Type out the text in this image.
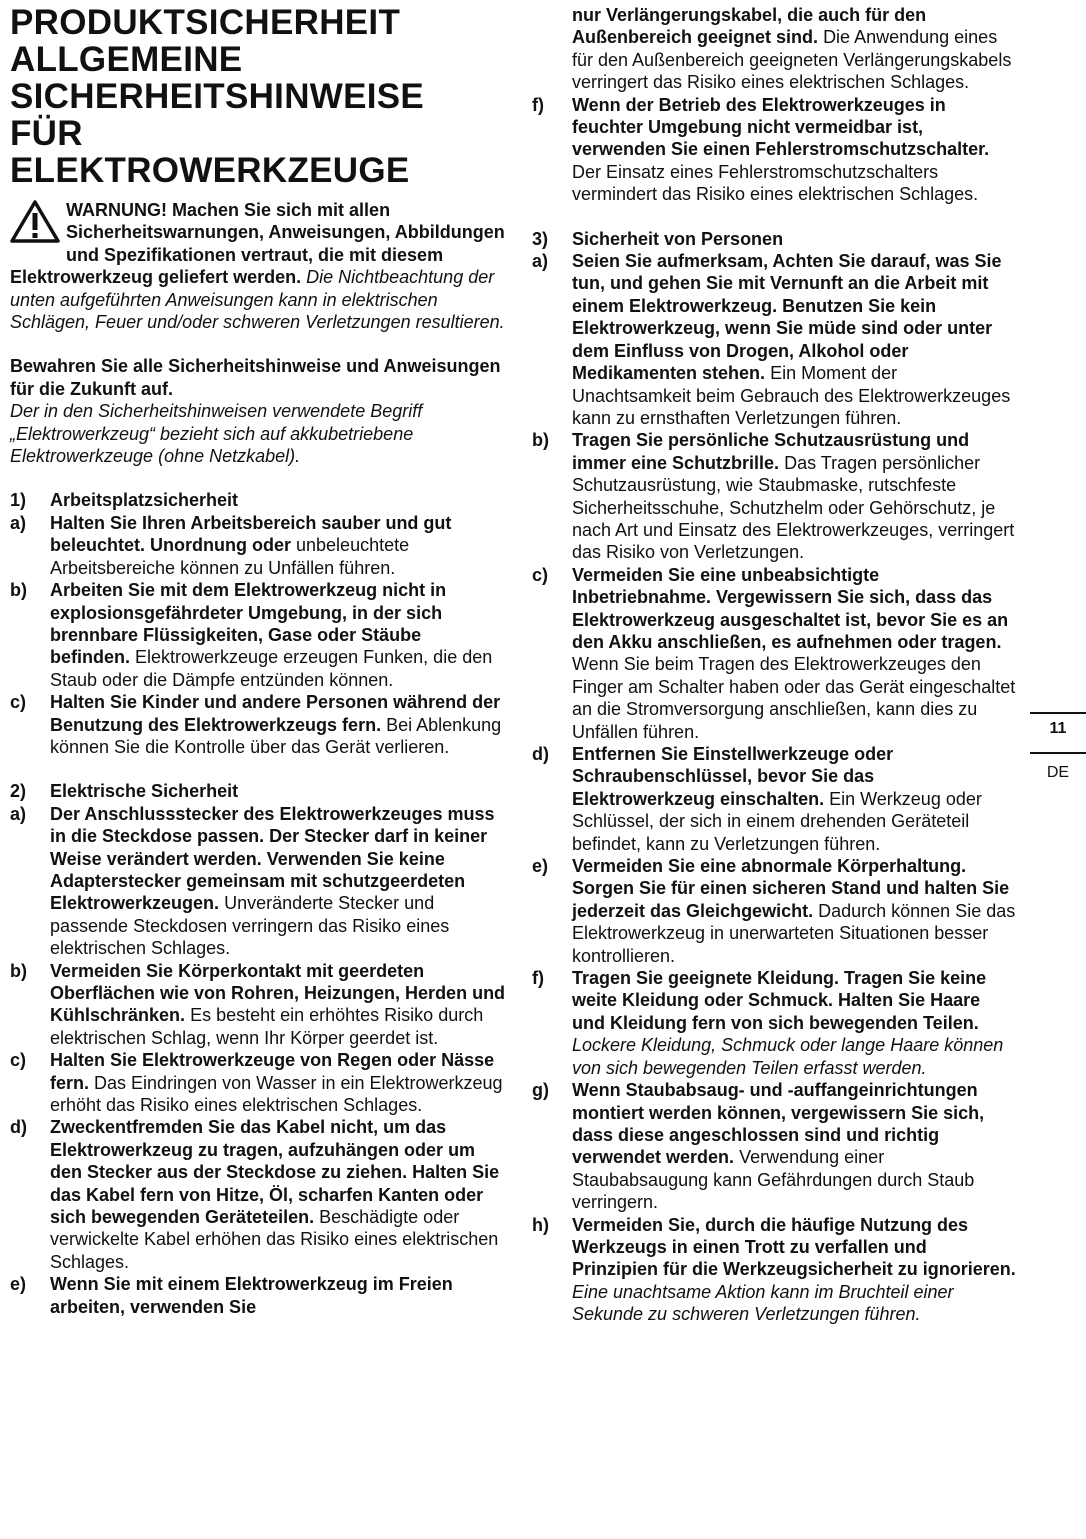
PRODUKTSICHERHEIT
ALLGEMEINE
SICHERHEITSHINWEISE
FÜR
ELEKTROWERKZEUGE

WARNUNG! Machen Sie sich mit allen Sicherheitswarnungen, Anweisungen, Abbildungen und Spezifikationen vertraut, die mit diesem Elektrowerkzeug geliefert werden. Die Nichtbeachtung der unten aufgeführten Anweisungen kann in elektrischen Schlägen, Feuer und/oder schweren Verletzungen resultieren.

Bewahren Sie alle Sicherheitshinweise und Anweisungen für die Zukunft auf.
Der in den Sicherheitshinweisen verwendete Begriff „Elektrowerkzeug“ bezieht sich auf akkubetriebene Elektrowerkzeuge (ohne Netzkabel).

1)	Arbeitsplatzsicherheit
a)	Halten Sie Ihren Arbeitsbereich sauber und gut beleuchtet. Unordnung oder unbeleuchtete Arbeitsbereiche können zu Unfällen führen.
b)	Arbeiten Sie mit dem Elektrowerkzeug nicht in explosionsgefährdeter Umgebung, in der sich brennbare Flüssigkeiten, Gase oder Stäube befinden. Elektrowerkzeuge erzeugen Funken, die den Staub oder die Dämpfe entzünden können.
c)	Halten Sie Kinder und andere Personen während der Benutzung des Elektrowerkzeugs fern. Bei Ablenkung können Sie die Kontrolle über das Gerät verlieren.
2)	Elektrische Sicherheit
a)	Der Anschlussstecker des Elektrowerkzeuges muss in die Steckdose passen. Der Stecker darf in keiner Weise verändert werden. Verwenden Sie keine Adapterstecker gemeinsam mit schutzgeerdeten Elektrowerkzeugen. Unveränderte Stecker und passende Steckdosen verringern das Risiko eines elektrischen Schlages.
b)	Vermeiden Sie Körperkontakt mit geerdeten Oberflächen wie von Rohren, Heizungen, Herden und Kühlschränken. Es besteht ein erhöhtes Risiko durch elektrischen Schlag, wenn Ihr Körper geerdet ist.
c)	Halten Sie Elektrowerkzeuge von Regen oder Nässe fern. Das Eindringen von Wasser in ein Elektrowerkzeug erhöht das Risiko eines elektrischen Schlages.
d)	Zweckentfremden Sie das Kabel nicht, um das Elektrowerkzeug zu tragen, aufzuhängen oder um den Stecker aus der Steckdose zu ziehen. Halten Sie das Kabel fern von Hitze, Öl, scharfen Kanten oder sich bewegenden Geräteteilen. Beschädigte oder verwickelte Kabel erhöhen das Risiko eines elektrischen Schlages.
e)	Wenn Sie mit einem Elektrowerkzeug im Freien arbeiten, verwenden Sie
nur Verlängerungskabel, die auch für den Außenbereich geeignet sind. Die Anwendung eines für den Außenbereich geeigneten Verlängerungskabels verringert das Risiko eines elektrischen Schlages.
f)	Wenn der Betrieb des Elektrowerkzeuges in feuchter Umgebung nicht vermeidbar ist, verwenden Sie einen Fehlerstromschutzschalter. Der Einsatz eines Fehlerstromschutzschalters vermindert das Risiko eines elektrischen Schlages.
3)	Sicherheit von Personen
a)	Seien Sie aufmerksam, Achten Sie darauf, was Sie tun, und gehen Sie mit Vernunft an die Arbeit mit einem Elektrowerkzeug. Benutzen Sie kein Elektrowerkzeug, wenn Sie müde sind oder unter dem Einfluss von Drogen, Alkohol oder Medikamenten stehen. Ein Moment der Unachtsamkeit beim Gebrauch des Elektrowerkzeuges kann zu ernsthaften Verletzungen führen.
b)	Tragen Sie persönliche Schutzausrüstung und immer eine Schutzbrille. Das Tragen persönlicher Schutzausrüstung, wie Staubmaske, rutschfeste Sicherheitsschuhe, Schutzhelm oder Gehörschutz, je nach Art und Einsatz des Elektrowerkzeuges, verringert das Risiko von Verletzungen.
c)	Vermeiden Sie eine unbeabsichtigte Inbetriebnahme. Vergewissern Sie sich, dass das Elektrowerkzeug ausgeschaltet ist, bevor Sie es an den Akku anschließen, es aufnehmen oder tragen. Wenn Sie beim Tragen des Elektrowerkzeuges den Finger am Schalter haben oder das Gerät eingeschaltet an die Stromversorgung anschließen, kann dies zu Unfällen führen.
d)	Entfernen Sie Einstellwerkzeuge oder Schraubenschlüssel, bevor Sie das Elektrowerkzeug einschalten. Ein Werkzeug oder Schlüssel, der sich in einem drehenden Geräteteil befindet, kann zu Verletzungen führen.
e)	Vermeiden Sie eine abnormale Körperhaltung. Sorgen Sie für einen sicheren Stand und halten Sie jederzeit das Gleichgewicht. Dadurch können Sie das Elektrowerkzeug in unerwarteten Situationen besser kontrollieren.
f)	Tragen Sie geeignete Kleidung. Tragen Sie keine weite Kleidung oder Schmuck. Halten Sie Haare und Kleidung fern von sich bewegenden Teilen. Lockere Kleidung, Schmuck oder lange Haare können von sich bewegenden Teilen erfasst werden.
g)	Wenn Staubabsaug- und -auffangeinrichtungen montiert werden können, vergewissern Sie sich, dass diese angeschlossen sind und richtig verwendet werden. Verwendung einer Staubabsaugung kann Gefährdungen durch Staub verringern.
h)	Vermeiden Sie, durch die häufige Nutzung des Werkzeugs in einen Trott zu verfallen und Prinzipien für die Werkzeugsicherheit zu ignorieren. Eine unachtsame Aktion kann im Bruchteil einer Sekunde zu schweren Verletzungen führen.
11
DE
